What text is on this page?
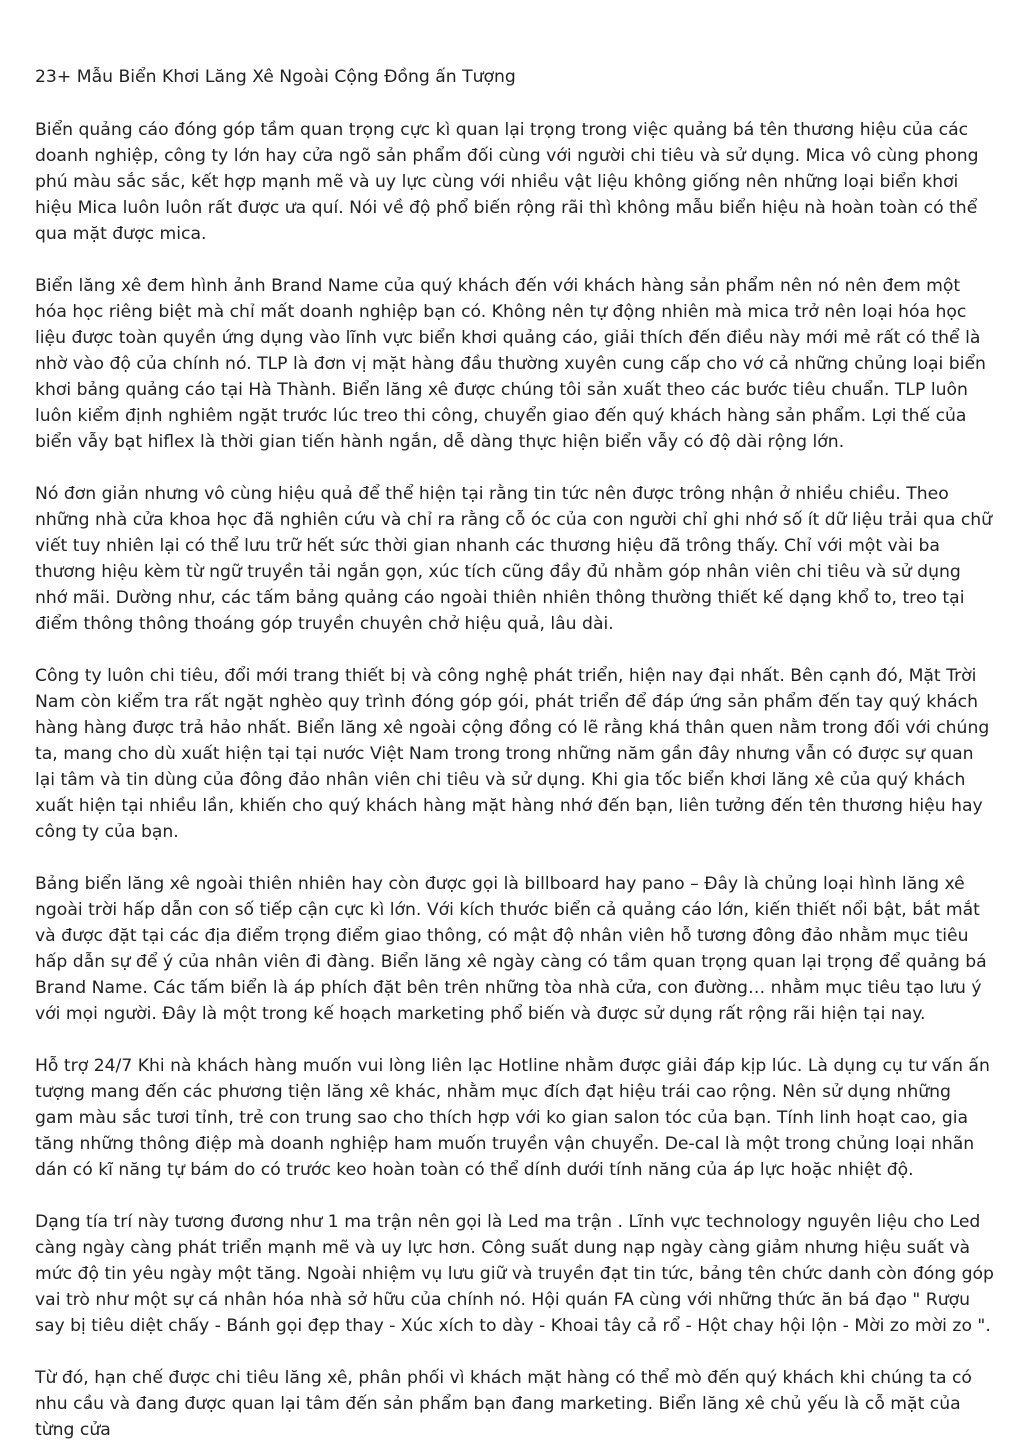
23+ Mẫu Biển Khơi Lăng Xê Ngoài Cộng Đồng ấn Tượng

Biển quảng cáo đóng góp tầm quan trọng cực kì quan lại trọng trong việc quảng bá tên thương hiệu của các doanh nghiệp, công ty lớn hay cửa ngõ sản phẩm đối cùng với người chi tiêu và sử dụng. Mica vô cùng phong phú màu sắc sắc, kết hợp mạnh mẽ và uy lực cùng với nhiều vật liệu không giống nên những loại biển khơi hiệu Mica luôn luôn rất được ưa quí. Nói về độ phổ biến rộng rãi thì không mẫu biển hiệu nà hoàn toàn có thể qua mặt được mica.

Biển lăng xê đem hình ảnh Brand Name của quý khách đến với khách hàng sản phẩm nên nó nên đem một hóa học riêng biệt mà chỉ mất doanh nghiệp bạn có. Không nên tự động nhiên mà mica trở nên loại hóa học liệu được toàn quyền ứng dụng vào lĩnh vực biển khơi quảng cáo, giải thích đến điều này mới mẻ rất có thể là nhờ vào độ của chính nó. TLP là đơn vị mặt hàng đầu thường xuyên cung cấp cho vớ cả những chủng loại biển khơi bảng quảng cáo tại Hà Thành. Biển lăng xê được chúng tôi sản xuất theo các bước tiêu chuẩn. TLP luôn luôn kiểm định nghiêm ngặt trước lúc treo thi công, chuyển giao đến quý khách hàng sản phẩm. Lợi thế của biển vẫy bạt hiflex là thời gian tiến hành ngắn, dễ dàng thực hiện biển vẫy có độ dài rộng lớn.

Nó đơn giản nhưng vô cùng hiệu quả để thể hiện tại rằng tin tức nên được trông nhận ở nhiều chiều. Theo những nhà cửa khoa học đã nghiên cứu và chỉ ra rằng cỗ óc của con người chỉ ghi nhớ số ít dữ liệu trải qua chữ viết tuy nhiên lại có thể lưu trữ hết sức thời gian nhanh các thương hiệu đã trông thấy. Chỉ với một vài ba thương hiệu kèm từ ngữ truyền tải ngắn gọn, xúc tích cũng đầy đủ nhằm góp nhân viên chi tiêu và sử dụng nhớ mãi. Dường như, các tấm bảng quảng cáo ngoài thiên nhiên thông thường thiết kế dạng khổ to, treo tại điểm thông thông thoáng góp truyền chuyên chở hiệu quả, lâu dài.

Công ty luôn chi tiêu, đổi mới trang thiết bị và công nghệ phát triển, hiện nay đại nhất. Bên cạnh đó, Mặt Trời Nam còn kiểm tra rất ngặt nghèo quy trình đóng góp gói, phát triển để đáp ứng sản phẩm đến tay quý khách hàng hàng được trả hảo nhất. Biển lăng xê ngoài cộng đồng có lẽ rằng khá thân quen nằm trong đối với chúng ta, mang cho dù xuất hiện tại tại nước Việt Nam trong trong những năm gần đây nhưng vẫn có được sự quan lại tâm và tin dùng của đông đảo nhân viên chi tiêu và sử dụng. Khi gia tốc biển khơi lăng xê của quý khách xuất hiện tại nhiều lần, khiến cho quý khách hàng mặt hàng nhớ đến bạn, liên tưởng đến tên thương hiệu hay công ty của bạn.

Bảng biển lăng xê ngoài thiên nhiên hay còn được gọi là billboard hay pano – Đây là chủng loại hình lăng xê ngoài trời hấp dẫn con số tiếp cận cực kì lớn. Với kích thước biển cả quảng cáo lớn, kiến thiết nổi bật, bắt mắt và được đặt tại các địa điểm trọng điểm giao thông, có mật độ nhân viên hỗ tương đông đảo nhằm mục tiêu hấp dẫn sự để ý của nhân viên đi đàng. Biển lăng xê ngày càng có tầm quan trọng quan lại trọng để quảng bá Brand Name. Các tấm biển là áp phích đặt bên trên những tòa nhà cửa, con đường… nhằm mục tiêu tạo lưu ý với mọi người. Đây là một trong kế hoạch marketing phổ biến và được sử dụng rất rộng rãi hiện tại nay.

Hỗ trợ 24/7 Khi nà khách hàng muốn vui lòng liên lạc Hotline nhằm được giải đáp kịp lúc. Là dụng cụ tư vấn ấn tượng mang đến các phương tiện lăng xê khác, nhằm mục đích đạt hiệu trái cao rộng. Nên sử dụng những gam màu sắc tươi tỉnh, trẻ con trung sao cho thích hợp với ko gian salon tóc của bạn. Tính linh hoạt cao, gia tăng những thông điệp mà doanh nghiệp ham muốn truyền vận chuyển. De-cal là một trong chủng loại nhãn dán có kĩ năng tự bám do có trước keo hoàn toàn có thể dính dưới tính năng của áp lực hoặc nhiệt độ.

Dạng tía trí này tương đương như 1 ma trận nên gọi là Led ma trận . Lĩnh vực technology nguyên liệu cho Led càng ngày càng phát triển mạnh mẽ và uy lực hơn. Công suất dung nạp ngày càng giảm nhưng hiệu suất và mức độ tin yêu ngày một tăng. Ngoài nhiệm vụ lưu giữ và truyền đạt tin tức, bảng tên chức danh còn đóng góp vai trò như một sự cá nhân hóa nhà sở hữu của chính nó. Hội quán FA cùng với những thức ăn bá đạo " Rượu say bị tiêu diệt chấy - Bánh gọi đẹp thay - Xúc xích to dày - Khoai tây cả rổ - Hột chay hội lộn - Mời zo mời zo ".

Từ đó, hạn chế được chi tiêu lăng xê, phân phối vì khách mặt hàng có thể mò đến quý khách khi chúng ta có nhu cầu và đang được quan lại tâm đến sản phẩm bạn đang marketing. Biển lăng xê chủ yếu là cỗ mặt của từng cửa
